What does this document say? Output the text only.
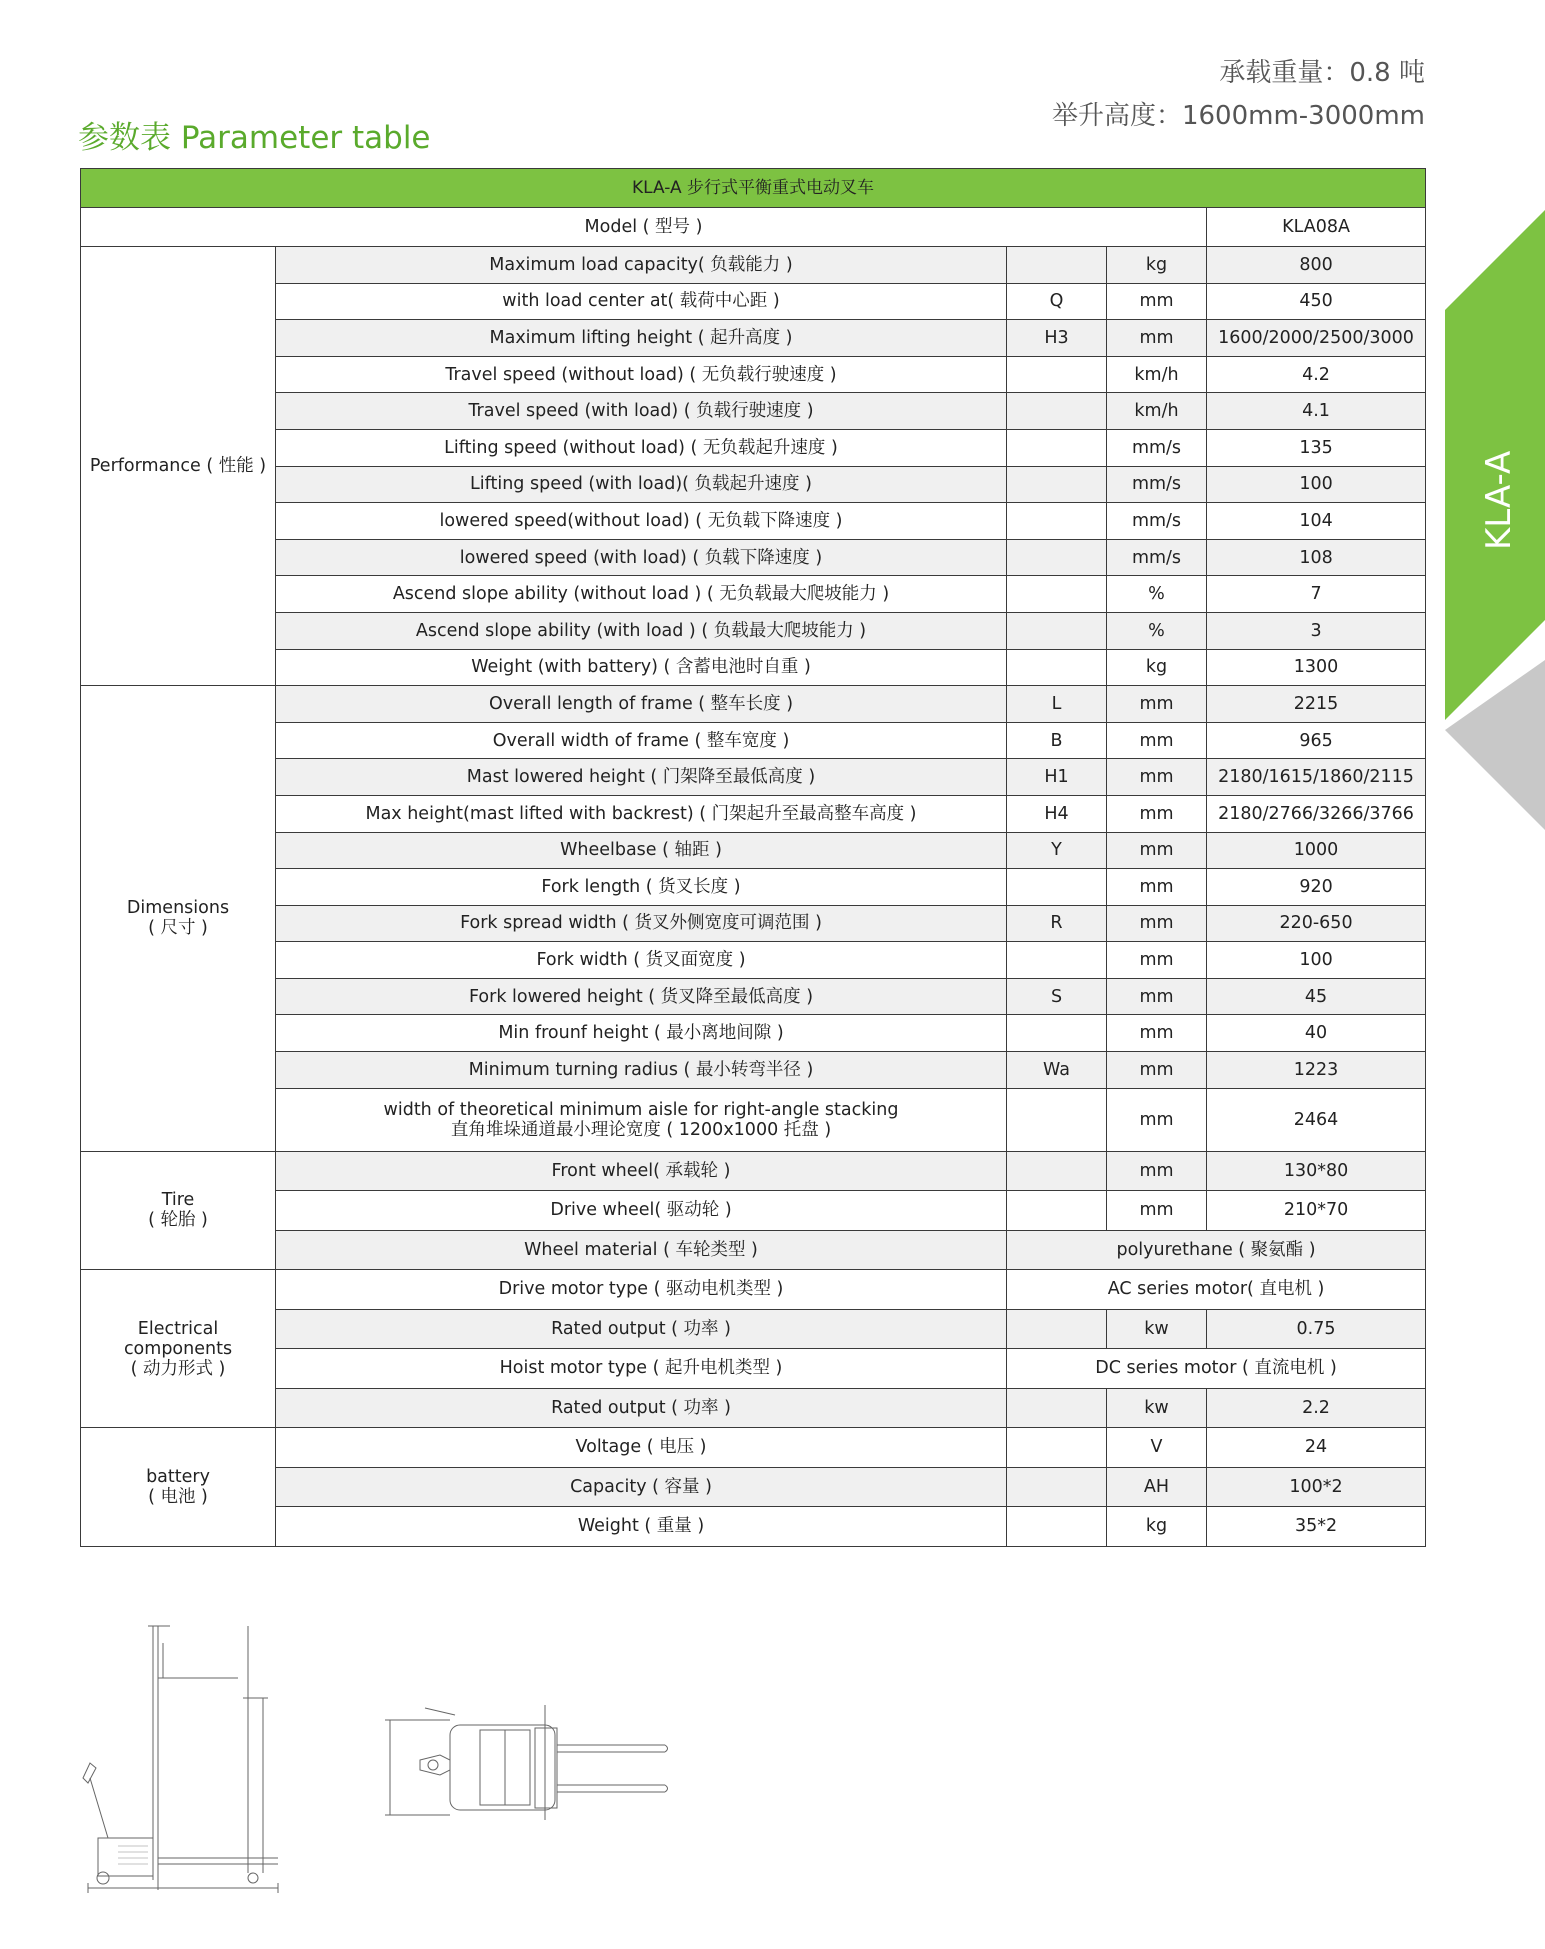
承载重量：0.8 吨
举升高度：1600mm-3000mm
参数表 Parameter table
KLA-A
KLA-A 步行式平衡重式电动叉车				
Model ( 型号 )				KLA08A
Performance ( 性能 )	Maximum load capacity( 负载能力 )		kg	800
	with load center at( 载荷中心距 )	Q	mm	450
	Maximum lifting height ( 起升高度 )	H3	mm	1600/2000/2500/3000
	Travel speed (without load) ( 无负载行驶速度 )		km/h	4.2
	Travel speed (with load) ( 负载行驶速度 )		km/h	4.1
	Lifting speed (without load) ( 无负载起升速度 )		mm/s	135
	Lifting speed (with load)( 负载起升速度 )		mm/s	100
	lowered speed(without load) ( 无负载下降速度 )		mm/s	104
	lowered speed (with load) ( 负载下降速度 )		mm/s	108
	Ascend slope ability (without load ) ( 无负载最大爬坡能力 )		%	7
	Ascend slope ability (with load ) ( 负载最大爬坡能力 )		%	3
	Weight (with battery) ( 含蓄电池时自重 )		kg	1300

Dimensions
( 尺寸 )	Overall length of frame ( 整车长度 )	L	mm	2215
	Overall width of frame ( 整车宽度 )	B	mm	965
	Mast lowered height ( 门架降至最低高度 )	H1	mm	2180/1615/1860/2115
	Max height(mast lifted with backrest) ( 门架起升至最高整车高度 )	H4	mm	2180/2766/3266/3766
	Wheelbase ( 轴距 )	Y	mm	1000
	Fork length ( 货叉长度 )		mm	920
	Fork spread width ( 货叉外侧宽度可调范围 )	R	mm	220-650
	Fork width ( 货叉面宽度 )		mm	100
	Fork lowered height ( 货叉降至最低高度 )	S	mm	45
	Min frounf height ( 最小离地间隙 )		mm	40
	Minimum turning radius ( 最小转弯半径 )	Wa	mm	1223

	width of theoretical minimum aisle for right-angle stacking
直角堆垛通道最小理论宽度 ( 1200x1000 托盘 )		mm	2464

Tire
( 轮胎 )	Front wheel( 承载轮 )		mm	130*80
	Drive wheel( 驱动轮 )		mm	210*70
	Wheel material ( 车轮类型 )	polyurethane ( 聚氨酯 )		

Electrical components
( 动力形式 )	Drive motor type ( 驱动电机类型 )	AC series motor( 直电机 )		
	Rated output ( 功率 )		kw	0.75
	Hoist motor type ( 起升电机类型 )	DC series motor ( 直流电机 )		
	Rated output ( 功率 )		kw	2.2

battery
( 电池 )	Voltage ( 电压 )		V	24
	Capacity ( 容量 )		AH	100*2
	Weight ( 重量 )		kg	35*2
